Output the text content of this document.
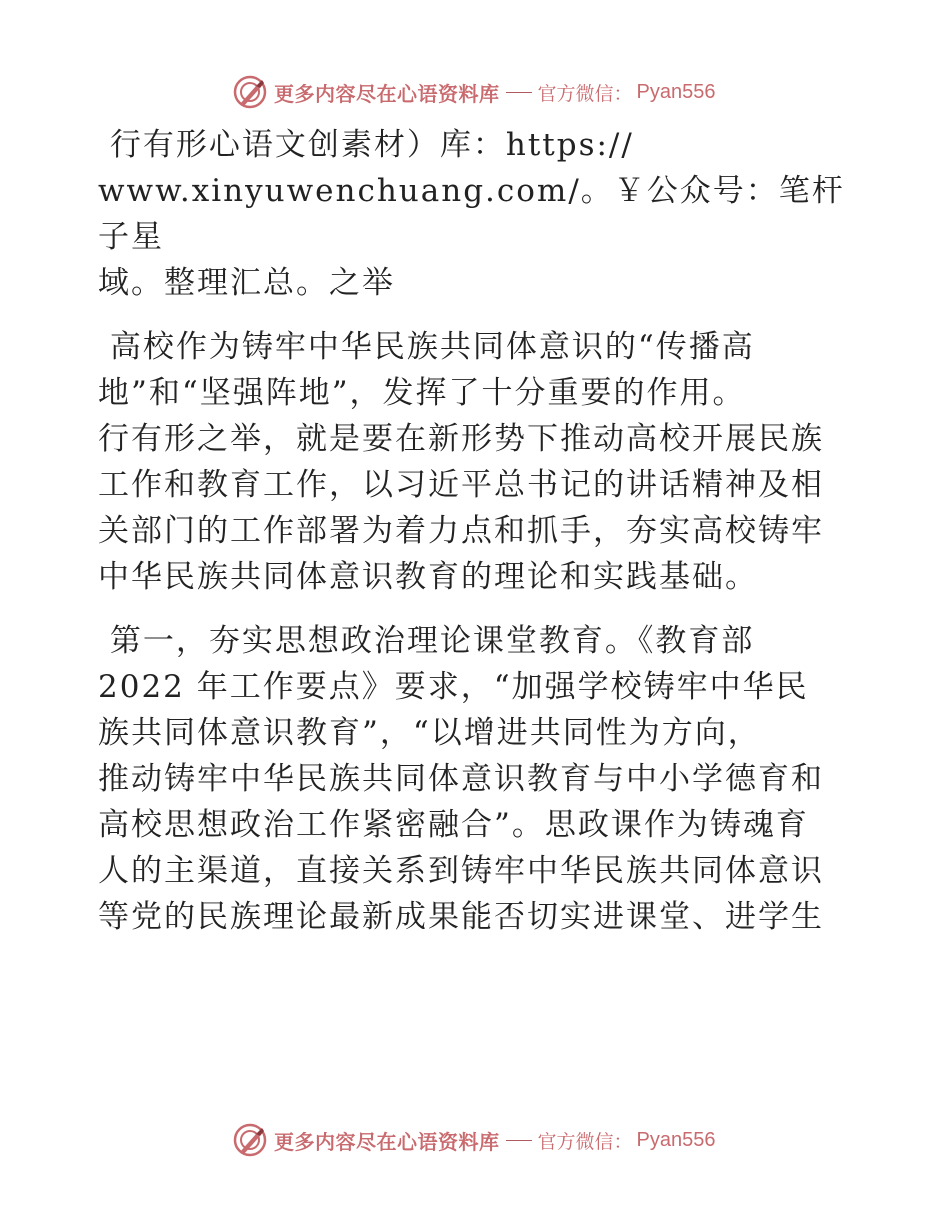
更多内容尽在心语资料库 官方微信： Pyan556

行有形心语文创素材）库：https://
www.xinyuwenchuang.com/。￥公众号：笔杆子星
域。整理汇总。之举

高校作为铸牢中华民族共同体意识的“传播高
地”和“坚强阵地”，发挥了十分重要的作用。
行有形之举，就是要在新形势下推动高校开展民族
工作和教育工作，以习近平总书记的讲话精神及相
关部门的工作部署为着力点和抓手，夯实高校铸牢
中华民族共同体意识教育的理论和实践基础。

第一，夯实思想政治理论课堂教育。《教育部
2022 年工作要点》要求，“加强学校铸牢中华民
族共同体意识教育”，“以增进共同性为方向，
推动铸牢中华民族共同体意识教育与中小学德育和
高校思想政治工作紧密融合”。思政课作为铸魂育
人的主渠道，直接关系到铸牢中华民族共同体意识
等党的民族理论最新成果能否切实进课堂、进学生

更多内容尽在心语资料库 官方微信： Pyan556
